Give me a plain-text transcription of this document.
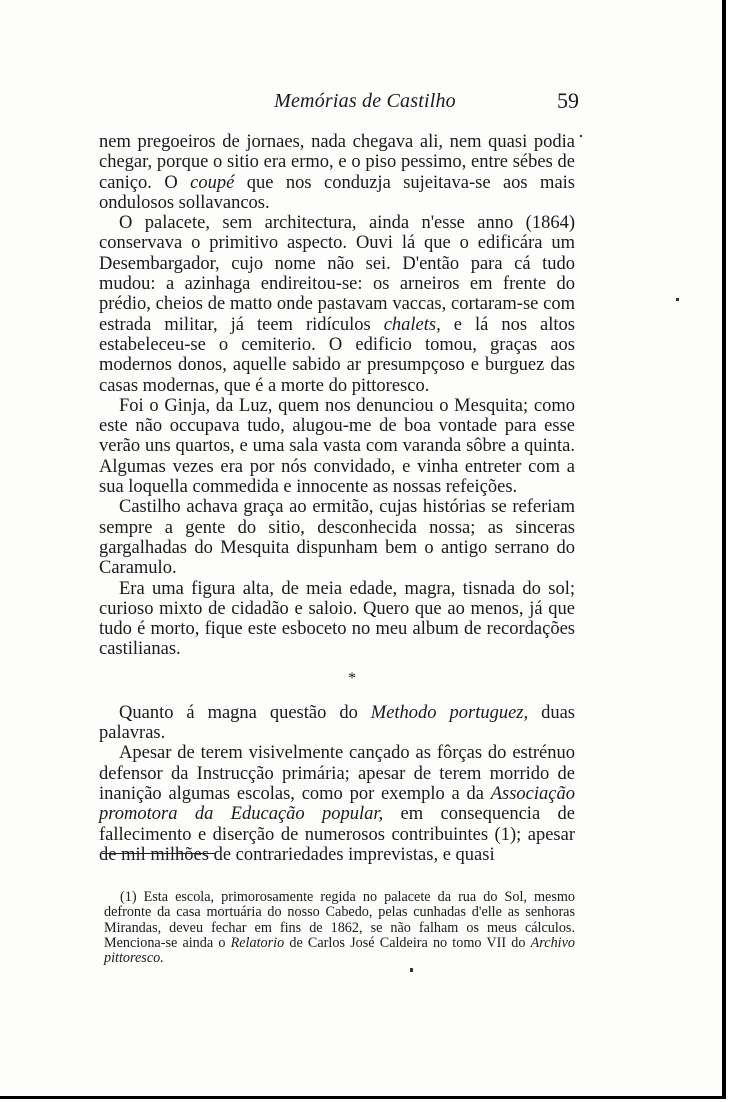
Memórias de Castilho	59

nem pregoeiros de jornaes, nada chegava ali, nem quasi podia chegar, porque o sitio era ermo, e o piso pessimo, entre sébes de caniço. O coupé que nos conduzja sujeitava-se aos mais ondulosos sollavancos.

O palacete, sem architectura, ainda n'esse anno (1864) conservava o primitivo aspecto. Ouvi lá que o edificára um Desembargador, cujo nome não sei. D'então para cá tudo mudou: a azinhaga endireitou-se: os arneiros em frente do prédio, cheios de matto onde pastavam vaccas, cortaram-se com estrada militar, já teem ridículos chalets, e lá nos altos estabeleceu-se o cemiterio. O edificio tomou, graças aos modernos donos, aquelle sabido ar presumpçoso e burguez das casas modernas, que é a morte do pittoresco.

Foi o Ginja, da Luz, quem nos denunciou o Mesquita; como este não occupava tudo, alugou-me de boa vontade para esse verão uns quartos, e uma sala vasta com varanda sôbre a quinta. Algumas vezes era por nós convidado, e vinha entreter com a sua loquella commedida e innocente as nossas refeições.

Castilho achava graça ao ermitão, cujas histórias se referiam sempre a gente do sitio, desconhecida nossa; as sinceras gargalhadas do Mesquita dispunham bem o antigo serrano do Caramulo.

Era uma figura alta, de meia edade, magra, tisnada do sol; curioso mixto de cidadão e saloio. Quero que ao menos, já que tudo é morto, fique este esboceto no meu album de recordações castilianas.

*

Quanto á magna questão do Methodo portuguez, duas palavras.

Apesar de terem visivelmente cançado as fôrças do estrénuo defensor da Instrucção primária; apesar de terem morrido de inanição algumas escolas, como por exemplo a da Associação promotora da Educação popular, em consequencia de fallecimento e diserção de numerosos contribuintes (1); apesar de mil milhões de contrariedades imprevistas, e quasi

(1) Esta escola, primorosamente regida no palacete da rua do Sol, mesmo defronte da casa mortuária do nosso Cabedo, pelas cunhadas d'elle as senhoras Mirandas, deveu fechar em fins de 1862, se não falham os meus cálculos. Menciona-se ainda o Relatorio de Carlos José Caldeira no tomo VII do Archivo pittoresco.
